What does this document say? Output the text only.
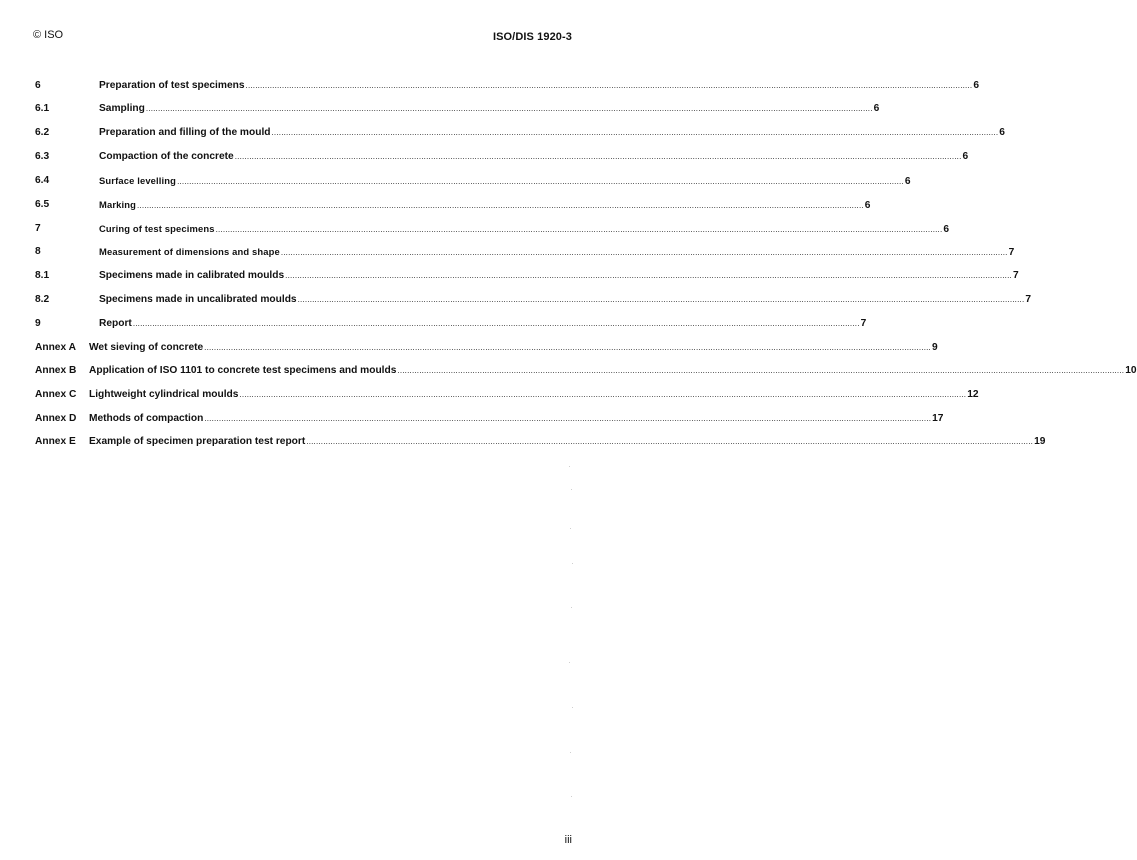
© ISO	ISO/DIS 1920-3
6	Preparation of test specimens ............................................................................................................................................................................................................................................................................................................ 6
6.1	Sampling ............................................................................................................................................................................................................................................................................................................ 6
6.2	Preparation and filling of the mould ............................................................................................................................................................................................................................................................................................................ 6
6.3	Compaction of the concrete ............................................................................................................................................................................................................................................................................................................ 6
6.4	Surface levelling ............................................................................................................................................................................................................................................................................................................ 6
6.5	Marking ............................................................................................................................................................................................................................................................................................................ 6
7	Curing of test specimens ............................................................................................................................................................................................................................................................................................................ 6
8	Measurement of dimensions and shape ............................................................................................................................................................................................................................................................................................................ 7
8.1	Specimens made in calibrated moulds ............................................................................................................................................................................................................................................................................................................ 7
8.2	Specimens made in uncalibrated moulds ............................................................................................................................................................................................................................................................................................................ 7
9	Report ............................................................................................................................................................................................................................................................................................................ 7
Annex A Wet sieving of concrete ............................................................................................................................................................................................................................................................................................................ 9
Annex B Application of ISO 1101 to concrete test specimens and moulds ............................................................................................................................................................................................................................................................................................................ 10
Annex C Lightweight cylindrical moulds ............................................................................................................................................................................................................................................................................................................ 12
Annex D Methods of compaction ............................................................................................................................................................................................................................................................................................................ 17
Annex E Example of specimen preparation test report ............................................................................................................................................................................................................................................................................................................ 19
iii
